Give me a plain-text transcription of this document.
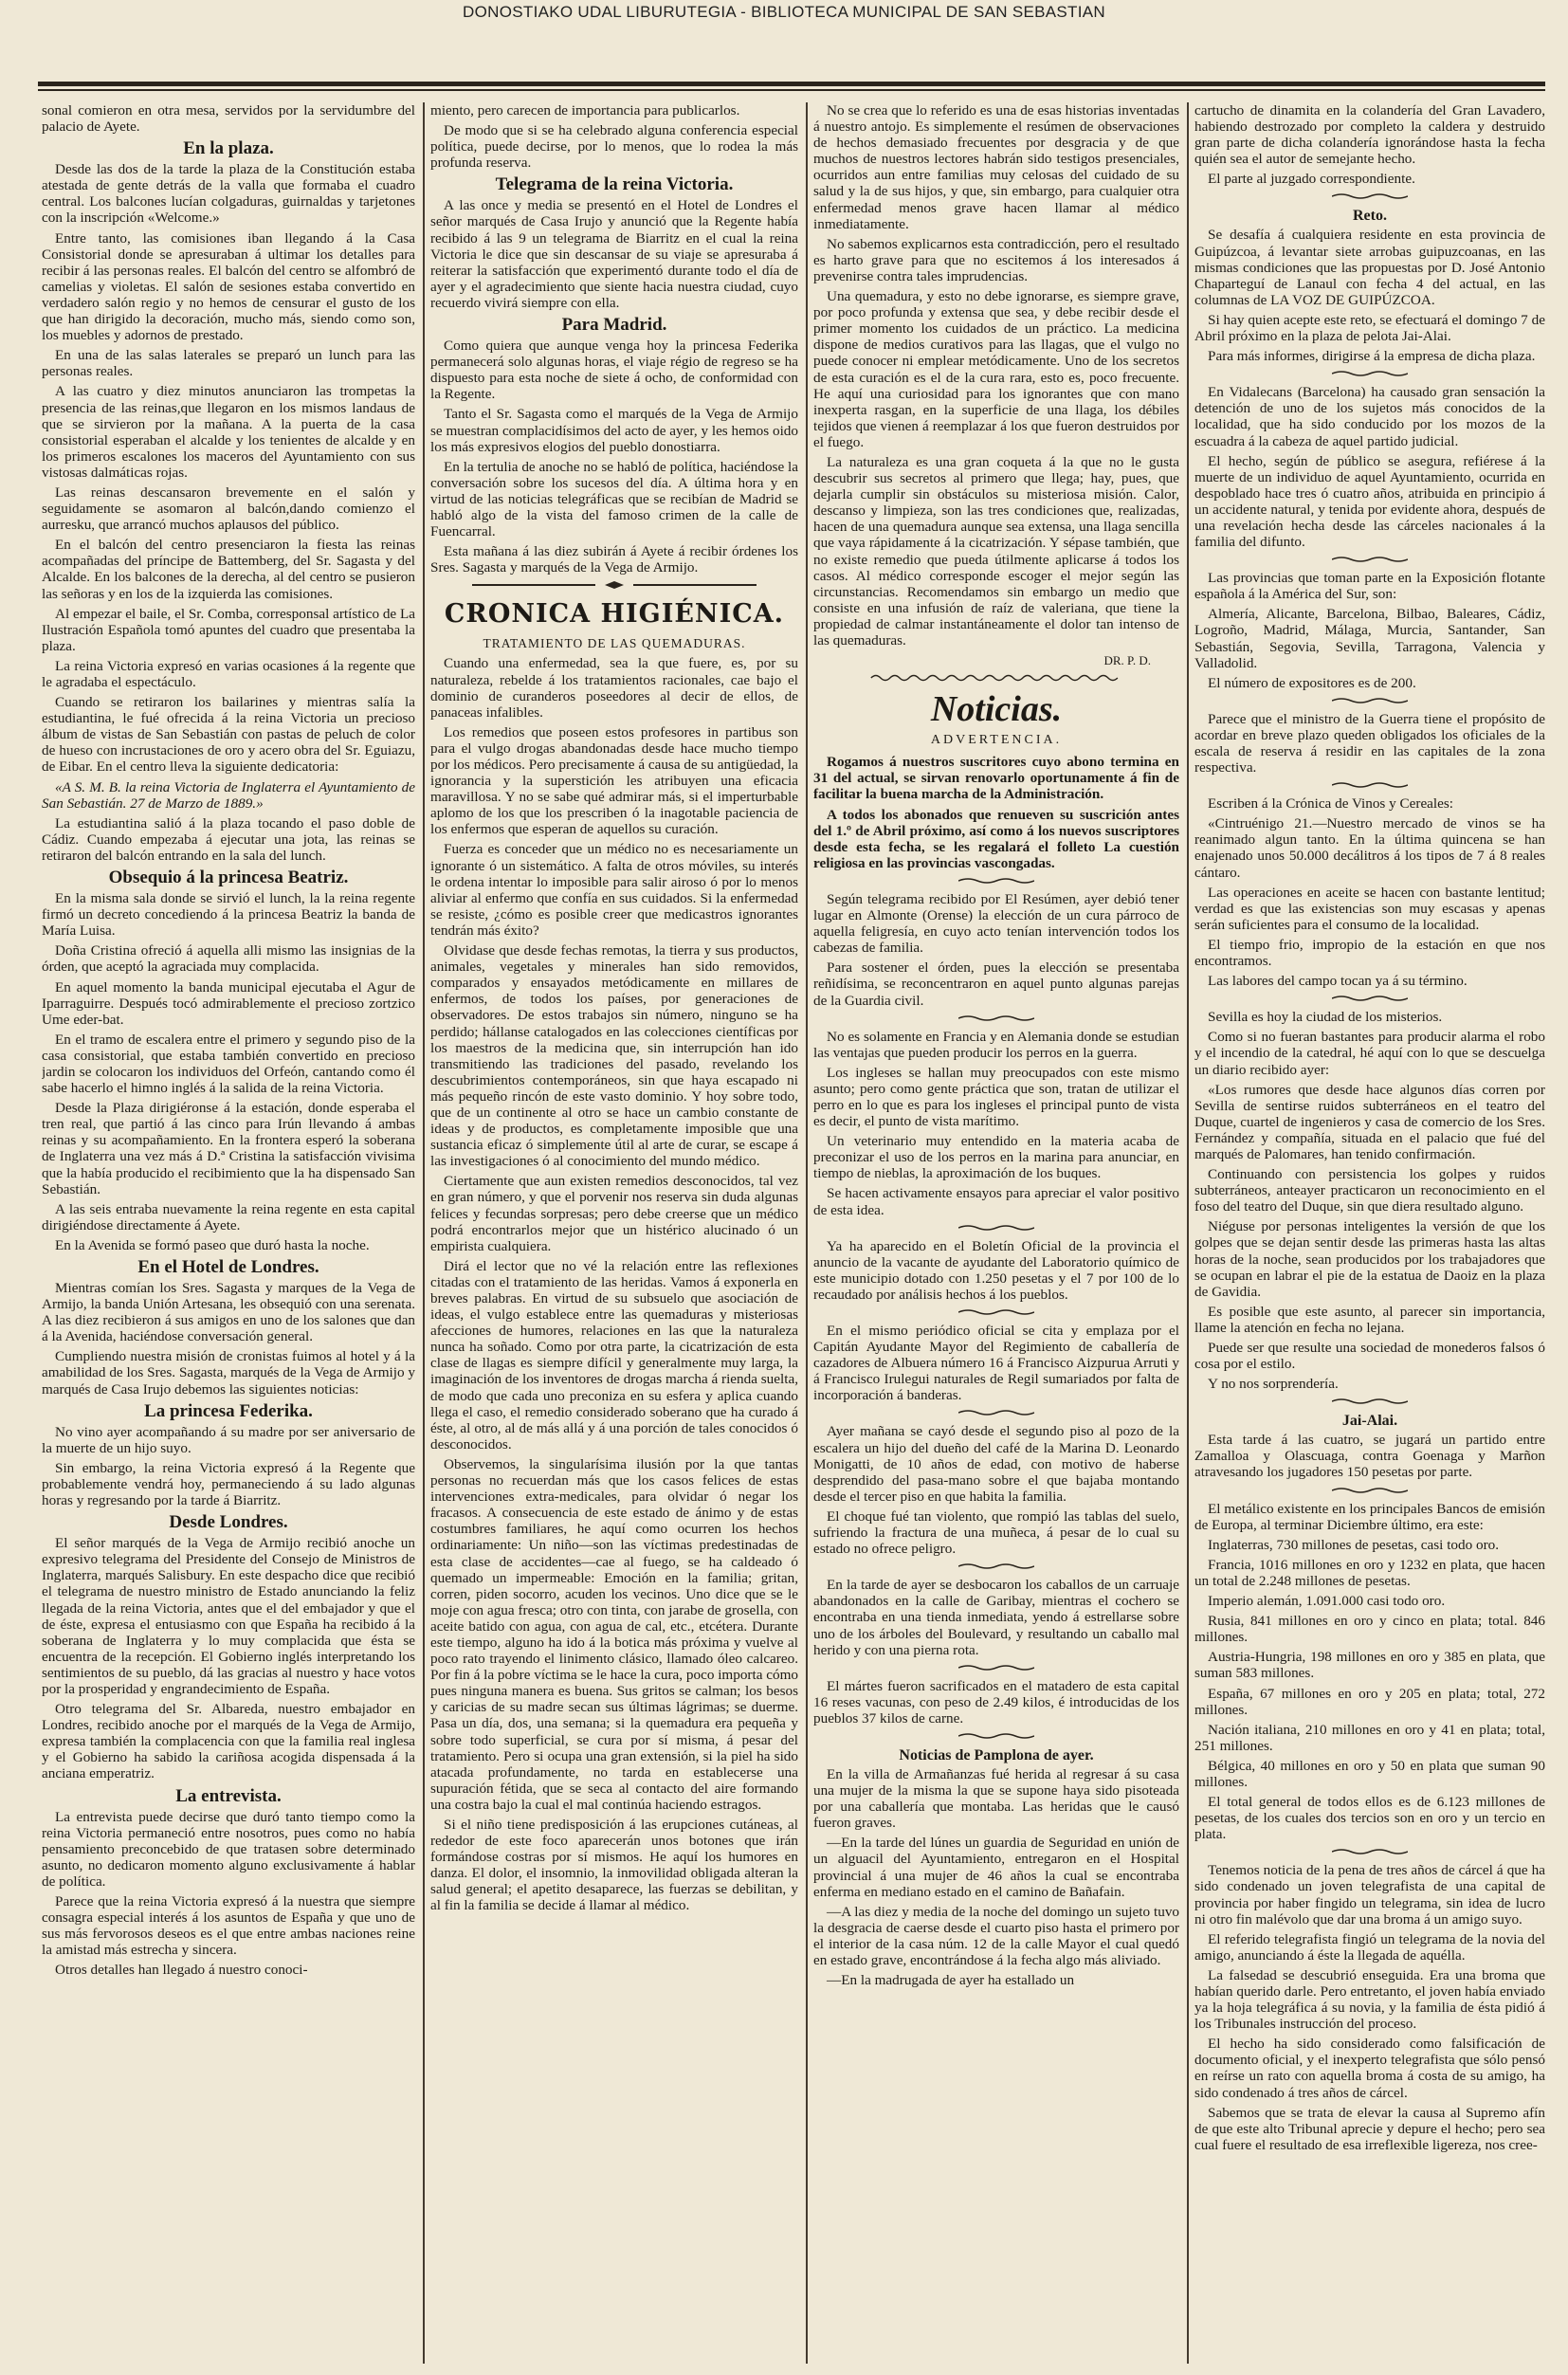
DONOSTIAKO UDAL LIBURUTEGIA - BIBLIOTECA MUNICIPAL DE SAN SEBASTIAN

sonal comieron en otra mesa, servidos por la servidumbre del palacio de Ayete.

En la plaza.

Desde las dos de la tarde la plaza de la Constitución estaba atestada de gente detrás de la valla que formaba el cuadro central. Los balcones lucían colgaduras, guirnaldas y tarjetones con la inscripción «Welcome.»

Entre tanto, las comisiones iban llegando á la Casa Consistorial donde se apresuraban á ultimar los detalles para recibir á las personas reales. El balcón del centro se alfombró de camelias y violetas. El salón de sesiones estaba convertido en verdadero salón regio y no hemos de censurar el gusto de los que han dirigido la decoración, mucho más, siendo como son, los muebles y adornos de prestado.

En una de las salas laterales se preparó un lunch para las personas reales.

A las cuatro y diez minutos anunciaron las trompetas la presencia de las reinas,que llegaron en los mismos landaus de que se sirvieron por la mañana. A la puerta de la casa consistorial esperaban el alcalde y los tenientes de alcalde y en los primeros escalones los maceros del Ayuntamiento con sus vistosas dalmáticas rojas.

Las reinas descansaron brevemente en el salón y seguidamente se asomaron al balcón,dando comienzo el aurresku, que arrancó muchos aplausos del público.

En el balcón del centro presenciaron la fiesta las reinas acompañadas del príncipe de Battemberg, del Sr. Sagasta y del Alcalde. En los balcones de la derecha, al del centro se pusieron las señoras y en los de la izquierda las comisiones.

Al empezar el baile, el Sr. Comba, corresponsal artístico de La Ilustración Española tomó apuntes del cuadro que presentaba la plaza.

La reina Victoria expresó en varias ocasiones á la regente que le agradaba el espectáculo.

Cuando se retiraron los bailarines y mientras salía la estudiantina, le fué ofrecida á la reina Victoria un precioso álbum de vistas de San Sebastián con pastas de peluch de color de hueso con incrustaciones de oro y acero obra del Sr. Eguiazu, de Eibar. En el centro lleva la siguiente dedicatoria:

«A S. M. B. la reina Victoria de Inglaterra el Ayuntamiento de San Sebastián. 27 de Marzo de 1889.»

La estudiantina salió á la plaza tocando el paso doble de Cádiz. Cuando empezaba á ejecutar una jota, las reinas se retiraron del balcón entrando en la sala del lunch.

Obsequio á la princesa Beatriz.

En la misma sala donde se sirvió el lunch, la la reina regente firmó un decreto concediendo á la princesa Beatriz la banda de María Luisa.

Doña Cristina ofreció á aquella alli mismo las insignias de la órden, que aceptó la agraciada muy complacida.

En aquel momento la banda municipal ejecutaba el Agur de Iparraguirre. Después tocó admirablemente el precioso zortzico Ume eder-bat.

En el tramo de escalera entre el primero y segundo piso de la casa consistorial, que estaba también convertido en precioso jardin se colocaron los individuos del Orfeón, cantando como él sabe hacerlo el himno inglés á la salida de la reina Victoria.

Desde la Plaza dirigiéronse á la estación, donde esperaba el tren real, que partió á las cinco para Irún llevando á ambas reinas y su acompañamiento. En la frontera esperó la soberana de Inglaterra una vez más á D.ª Cristina la satisfacción vivisima que la había producido el recibimiento que la ha dispensado San Sebastián.

A las seis entraba nuevamente la reina regente en esta capital dirigiéndose directamente á Ayete.

En la Avenida se formó paseo que duró hasta la noche.

En el Hotel de Londres.

Mientras comían los Sres. Sagasta y marques de la Vega de Armijo, la banda Unión Artesana, les obsequió con una serenata. A las diez recibieron á sus amigos en uno de los salones que dan á la Avenida, haciéndose conversación general.

Cumpliendo nuestra misión de cronistas fuimos al hotel y á la amabilidad de los Sres. Sagasta, marqués de la Vega de Armijo y marqués de Casa Irujo debemos las siguientes noticias:

La princesa Federika.

No vino ayer acompañando á su madre por ser aniversario de la muerte de un hijo suyo.

Sin embargo, la reina Victoria expresó á la Regente que probablemente vendrá hoy, permaneciendo á su lado algunas horas y regresando por la tarde á Biarritz.

Desde Londres.

El señor marqués de la Vega de Armijo recibió anoche un expresivo telegrama del Presidente del Consejo de Ministros de Inglaterra, marqués Salisbury. En este despacho dice que recibió el telegrama de nuestro ministro de Estado anunciando la feliz llegada de la reina Victoria, antes que el del embajador y que el de éste, expresa el entusiasmo con que España ha recibido á la soberana de Inglaterra y lo muy complacida que ésta se encuentra de la recepción. El Gobierno inglés interpretando los sentimientos de su pueblo, dá las gracias al nuestro y hace votos por la prosperidad y engrandecimiento de España.

Otro telegrama del Sr. Albareda, nuestro embajador en Londres, recibido anoche por el marqués de la Vega de Armijo, expresa también la complacencia con que la familia real inglesa y el Gobierno ha sabido la cariñosa acogida dispensada á la anciana emperatriz.

La entrevista.

La entrevista puede decirse que duró tanto tiempo como la reina Victoria permaneció entre nosotros, pues como no había pensamiento preconcebido de que tratasen sobre determinado asunto, no dedicaron momento alguno exclusivamente á hablar de política.

Parece que la reina Victoria expresó á la nuestra que siempre consagra especial interés á los asuntos de España y que uno de sus más fervorosos deseos es el que entre ambas naciones reine la amistad más estrecha y sincera.

Otros detalles han llegado á nuestro conoci-

miento, pero carecen de importancia para publicarlos.

De modo que si se ha celebrado alguna conferencia especial política, puede decirse, por lo menos, que lo rodea la más profunda reserva.

Telegrama de la reina Victoria.

A las once y media se presentó en el Hotel de Londres el señor marqués de Casa Irujo y anunció que la Regente había recibido á las 9 un telegrama de Biarritz en el cual la reina Victoria le dice que sin descansar de su viaje se apresuraba á reiterar la satisfacción que experimentó durante todo el día de ayer y el agradecimiento que siente hacia nuestra ciudad, cuyo recuerdo vivirá siempre con ella.

Para Madrid.

Como quiera que aunque venga hoy la princesa Federika permanecerá solo algunas horas, el viaje régio de regreso se ha dispuesto para esta noche de siete á ocho, de conformidad con la Regente.

Tanto el Sr. Sagasta como el marqués de la Vega de Armijo se muestran complacidísimos del acto de ayer, y les hemos oido los más expresivos elogios del pueblo donostiarra.

En la tertulia de anoche no se habló de política, haciéndose la conversación sobre los sucesos del día. A última hora y en virtud de las noticias telegráficas que se recibían de Madrid se habló algo de la vista del famoso crimen de la calle de Fuencarral.

Esta mañana á las diez subirán á Ayete á recibir órdenes los Sres. Sagasta y marqués de la Vega de Armijo.

CRONICA HIGIÉNICA.
TRATAMIENTO DE LAS QUEMADURAS.

Cuando una enfermedad, sea la que fuere, es, por su naturaleza, rebelde á los tratamientos racionales, cae bajo el dominio de curanderos poseedores al decir de ellos, de panaceas infalibles.

Los remedios que poseen estos profesores in partibus son para el vulgo drogas abandonadas desde hace mucho tiempo por los médicos. Pero precisamente á causa de su antigüedad, la ignorancia y la superstición les atribuyen una eficacia maravillosa. Y no se sabe qué admirar más, si el imperturbable aplomo de los que los prescriben ó la inagotable paciencia de los enfermos que esperan de aquellos su curación.

Fuerza es conceder que un médico no es necesariamente un ignorante ó un sistemático. A falta de otros móviles, su interés le ordena intentar lo imposible para salir airoso ó por lo menos aliviar al enfermo que confía en sus cuidados. Si la enfermedad se resiste, ¿cómo es posible creer que medicastros ignorantes tendrán más éxito?

Olvidase que desde fechas remotas, la tierra y sus productos, animales, vegetales y minerales han sido removidos, comparados y ensayados metódicamente en millares de enfermos, de todos los países, por generaciones de observadores. De estos trabajos sin número, ninguno se ha perdido; hállanse catalogados en las colecciones científicas por los maestros de la medicina que, sin interrupción han ido transmitiendo las tradiciones del pasado, revelando los descubrimientos contemporáneos, sin que haya escapado ni más pequeño rincón de este vasto dominio. Y hoy sobre todo, que de un continente al otro se hace un cambio constante de ideas y de productos, es completamente imposible que una sustancia eficaz ó simplemente útil al arte de curar, se escape á las investigaciones ó al conocimiento del mundo médico.

Ciertamente que aun existen remedios desconocidos, tal vez en gran número, y que el porvenir nos reserva sin duda algunas felices y fecundas sorpresas; pero debe creerse que un médico podrá encontrarlos mejor que un histérico alucinado ó un empirista cualquiera.

Dirá el lector que no vé la relación entre las reflexiones citadas con el tratamiento de las heridas. Vamos á exponerla en breves palabras. En virtud de su subsuelo que asociación de ideas, el vulgo establece entre las quemaduras y misteriosas afecciones de humores, relaciones en las que la naturaleza nunca ha soñado. Como por otra parte, la cicatrización de esta clase de llagas es siempre difícil y generalmente muy larga, la imaginación de los inventores de drogas marcha á rienda suelta, de modo que cada uno preconiza en su esfera y aplica cuando llega el caso, el remedio considerado soberano que ha curado á éste, al otro, al de más allá y á una porción de tales conocidos ó desconocidos.

Observemos, la singularísima ilusión por la que tantas personas no recuerdan más que los casos felices de estas intervenciones extra-medicales, para olvidar ó negar los fracasos. A consecuencia de este estado de ánimo y de estas costumbres familiares, he aquí como ocurren los hechos ordinariamente: Un niño—son las víctimas predestinadas de esta clase de accidentes—cae al fuego, se ha caldeado ó quemado un impermeable: Emoción en la familia; gritan, corren, piden socorro, acuden los vecinos. Uno dice que se le moje con agua fresca; otro con tinta, con jarabe de grosella, con aceite batido con agua, con agua de cal, etc., etcétera. Durante este tiempo, alguno ha ido á la botica más próxima y vuelve al poco rato trayendo el linimento clásico, llamado óleo calcareo. Por fin á la pobre víctima se le hace la cura, poco importa cómo pues ninguna manera es buena. Sus gritos se calman; los besos y caricias de su madre secan sus últimas lágrimas; se duerme. Pasa un día, dos, una semana; si la quemadura era pequeña y sobre todo superficial, se cura por sí misma, á pesar del tratamiento. Pero si ocupa una gran extensión, si la piel ha sido atacada profundamente, no tarda en establecerse una supuración fétida, que se seca al contacto del aire formando una costra bajo la cual el mal continúa haciendo estragos.

Si el niño tiene predisposición á las erupciones cutáneas, al rededor de este foco aparecerán unos botones que irán formándose costras por sí mismos. He aquí los humores en danza. El dolor, el insomnio, la inmovilidad obligada alteran la salud general; el apetito desaparece, las fuerzas se debilitan, y al fin la familia se decide á llamar al médico.

No se crea que lo referido es una de esas historias inventadas á nuestro antojo. Es simplemente el resúmen de observaciones de hechos demasiado frecuentes por desgracia y de que muchos de nuestros lectores habrán sido testigos presenciales, ocurridos aun entre familias muy celosas del cuidado de su salud y la de sus hijos, y que, sin embargo, para cualquier otra enfermedad menos grave hacen llamar al médico inmediatamente.

No sabemos explicarnos esta contradicción, pero el resultado es harto grave para que no escitemos á los interesados á prevenirse contra tales imprudencias.

Una quemadura, y esto no debe ignorarse, es siempre grave, por poco profunda y extensa que sea, y debe recibir desde el primer momento los cuidados de un práctico. La medicina dispone de medios curativos para las llagas, que el vulgo no puede conocer ni emplear metódicamente. Uno de los secretos de esta curación es el de la cura rara, esto es, poco frecuente. He aquí una curiosidad para los ignorantes que con mano inexperta rasgan, en la superficie de una llaga, los débiles tejidos que vienen á reemplazar á los que fueron destruidos por el fuego.

La naturaleza es una gran coqueta á la que no le gusta descubrir sus secretos al primero que llega; hay, pues, que dejarla cumplir sin obstáculos su misteriosa misión. Calor, descanso y limpieza, son las tres condiciones que, realizadas, hacen de una quemadura aunque sea extensa, una llaga sencilla que vaya rápidamente á la cicatrización. Y sépase también, que no existe remedio que pueda útilmente aplicarse á todos los casos. Al médico corresponde escoger el mejor según las circunstancias. Recomendamos sin embargo un medio que consiste en una infusión de raíz de valeriana, que tiene la propiedad de calmar instantáneamente el dolor tan intenso de las quemaduras.

DR. P. D.

Noticias.
ADVERTENCIA.

Rogamos á nuestros suscritores cuyo abono termina en 31 del actual, se sirvan renovarlo oportunamente á fin de facilitar la buena marcha de la Administración.

A todos los abonados que renueven su suscrición antes del 1.º de Abril próximo, así como á los nuevos suscriptores desde esta fecha, se les regalará el folleto La cuestión religiosa en las provincias vascongadas.

Según telegrama recibido por El Resúmen, ayer debió tener lugar en Almonte (Orense) la elección de un cura párroco de aquella feligresía, en cuyo acto tenían intervención todos los cabezas de familia.

Para sostener el órden, pues la elección se presentaba reñidísima, se reconcentraron en aquel punto algunas parejas de la Guardia civil.

No es solamente en Francia y en Alemania donde se estudian las ventajas que pueden producir los perros en la guerra.

Los ingleses se hallan muy preocupados con este mismo asunto; pero como gente práctica que son, tratan de utilizar el perro en lo que es para los ingleses el principal punto de vista es decir, el punto de vista marítimo.

Un veterinario muy entendido en la materia acaba de preconizar el uso de los perros en la marina para anunciar, en tiempo de nieblas, la aproximación de los buques.

Se hacen activamente ensayos para apreciar el valor positivo de esta idea.

Ya ha aparecido en el Boletín Oficial de la provincia el anuncio de la vacante de ayudante del Laboratorio químico de este municipio dotado con 1.250 pesetas y el 7 por 100 de lo recaudado por análisis hechos á los pueblos.

En el mismo periódico oficial se cita y emplaza por el Capitán Ayudante Mayor del Regimiento de caballería de cazadores de Albuera número 16 á Francisco Aizpurua Arruti y á Francisco Irulegui naturales de Regil sumariados por falta de incorporación á banderas.

Ayer mañana se cayó desde el segundo piso al pozo de la escalera un hijo del dueño del café de la Marina D. Leonardo Monigatti, de 10 años de edad, con motivo de haberse desprendido del pasa-mano sobre el que bajaba montando desde el tercer piso en que habita la familia.

El choque fué tan violento, que rompió las tablas del suelo, sufriendo la fractura de una muñeca, á pesar de lo cual su estado no ofrece peligro.

En la tarde de ayer se desbocaron los caballos de un carruaje abandonados en la calle de Garibay, mientras el cochero se encontraba en una tienda inmediata, yendo á estrellarse sobre uno de los árboles del Boulevard, y resultando un caballo mal herido y con una pierna rota.

El mártes fueron sacrificados en el matadero de esta capital 16 reses vacunas, con peso de 2.49 kilos, é introducidas de los pueblos 37 kilos de carne.

Noticias de Pamplona de ayer.

En la villa de Armañanzas fué herida al regresar á su casa una mujer de la misma la que se supone haya sido pisoteada por una caballería que montaba. Las heridas que le causó fueron graves.

—En la tarde del lúnes un guardia de Seguridad en unión de un alguacil del Ayuntamiento, entregaron en el Hospital provincial á una mujer de 46 años la cual se encontraba enferma en mediano estado en el camino de Bañafain.

—A las diez y media de la noche del domingo un sujeto tuvo la desgracia de caerse desde el cuarto piso hasta el primero por el interior de la casa núm. 12 de la calle Mayor el cual quedó en estado grave, encontrándose á la fecha algo más aliviado.

—En la madrugada de ayer ha estallado un

cartucho de dinamita en la colandería del Gran Lavadero, habiendo destrozado por completo la caldera y destruido gran parte de dicha colandería ignorándose hasta la fecha quién sea el autor de semejante hecho.

El parte al juzgado correspondiente.

Reto.

Se desafía á cualquiera residente en esta provincia de Guipúzcoa, á levantar siete arrobas guipuzcoanas, en las mismas condiciones que las propuestas por D. José Antonio Chaparteguí de Lanaul con fecha 4 del actual, en las columnas de LA VOZ DE GUIPÚZCOA.

Si hay quien acepte este reto, se efectuará el domingo 7 de Abril próximo en la plaza de pelota Jai-Alai.

Para más informes, dirigirse á la empresa de dicha plaza.

En Vidalecans (Barcelona) ha causado gran sensación la detención de uno de los sujetos más conocidos de la localidad, que ha sido conducido por los mozos de la escuadra á la cabeza de aquel partido judicial.

El hecho, según de público se asegura, refiérese á la muerte de un individuo de aquel Ayuntamiento, ocurrida en despoblado hace tres ó cuatro años, atribuida en principio á un accidente natural, y tenida por evidente ahora, después de una revelación hecha desde las cárceles nacionales á la familia del difunto.

Las provincias que toman parte en la Exposición flotante española á la América del Sur, son:

Almería, Alicante, Barcelona, Bilbao, Baleares, Cádiz, Logroño, Madrid, Málaga, Murcia, Santander, San Sebastián, Segovia, Sevilla, Tarragona, Valencia y Valladolid.

El número de expositores es de 200.

Parece que el ministro de la Guerra tiene el propósito de acordar en breve plazo queden obligados los oficiales de la escala de reserva á residir en las capitales de la zona respectiva.

Escriben á la Crónica de Vinos y Cereales:

«Cintruénigo 21.—Nuestro mercado de vinos se ha reanimado algun tanto. En la última quincena se han enajenado unos 50.000 decálitros á los tipos de 7 á 8 reales cántaro.

Las operaciones en aceite se hacen con bastante lentitud; verdad es que las existencias son muy escasas y apenas serán suficientes para el consumo de la localidad.

El tiempo frio, impropio de la estación en que nos encontramos.

Las labores del campo tocan ya á su término.

Sevilla es hoy la ciudad de los misterios.

Como si no fueran bastantes para producir alarma el robo y el incendio de la catedral, hé aquí con lo que se descuelga un diario recibido ayer:

«Los rumores que desde hace algunos días corren por Sevilla de sentirse ruidos subterráneos en el teatro del Duque, cuartel de ingenieros y casa de comercio de los Sres. Fernández y compañía, situada en el palacio que fué del marqués de Palomares, han tenido confirmación.

Continuando con persistencia los golpes y ruidos subterráneos, anteayer practicaron un reconocimiento en el foso del teatro del Duque, sin que diera resultado alguno.

Niéguse por personas inteligentes la versión de que los golpes que se dejan sentir desde las primeras hasta las altas horas de la noche, sean producidos por los trabajadores que se ocupan en labrar el pie de la estatua de Daoiz en la plaza de Gavidia.

Es posible que este asunto, al parecer sin importancia, llame la atención en fecha no lejana.

Puede ser que resulte una sociedad de monederos falsos ó cosa por el estilo.

Y no nos sorprendería.

Jai-Alai.

Esta tarde á las cuatro, se jugará un partido entre Zamalloa y Olascuaga, contra Goenaga y Marñon atravesando los jugadores 150 pesetas por parte.

El metálico existente en los principales Bancos de emisión de Europa, al terminar Diciembre último, era este:

Inglaterras, 730 millones de pesetas, casi todo oro.

Francia, 1016 millones en oro y 1232 en plata, que hacen un total de 2.248 millones de pesetas.

Imperio alemán, 1.091.000 casi todo oro.

Rusia, 841 millones en oro y cinco en plata; total. 846 millones.

Austria-Hungria, 198 millones en oro y 385 en plata, que suman 583 millones.

España, 67 millones en oro y 205 en plata; total, 272 millones.

Nación italiana, 210 millones en oro y 41 en plata; total, 251 millones.

Bélgica, 40 millones en oro y 50 en plata que suman 90 millones.

El total general de todos ellos es de 6.123 millones de pesetas, de los cuales dos tercios son en oro y un tercio en plata.

Tenemos noticia de la pena de tres años de cárcel á que ha sido condenado un joven telegrafista de una capital de provincia por haber fingido un telegrama, sin idea de lucro ni otro fin malévolo que dar una broma á un amigo suyo.

El referido telegrafista fingió un telegrama de la novia del amigo, anunciando á éste la llegada de aquélla.

La falsedad se descubrió enseguida. Era una broma que habían querido darle. Pero entretanto, el joven había enviado ya la hoja telegráfica á su novia, y la familia de ésta pidió á los Tribunales instrucción del proceso.

El hecho ha sido considerado como falsificación de documento oficial, y el inexperto telegrafista que sólo pensó en reírse un rato con aquella broma á costa de su amigo, ha sido condenado á tres años de cárcel.

Sabemos que se trata de elevar la causa al Supremo afín de que este alto Tribunal aprecie y depure el hecho; pero sea cual fuere el resultado de esa irreflexible ligereza, nos cree-
